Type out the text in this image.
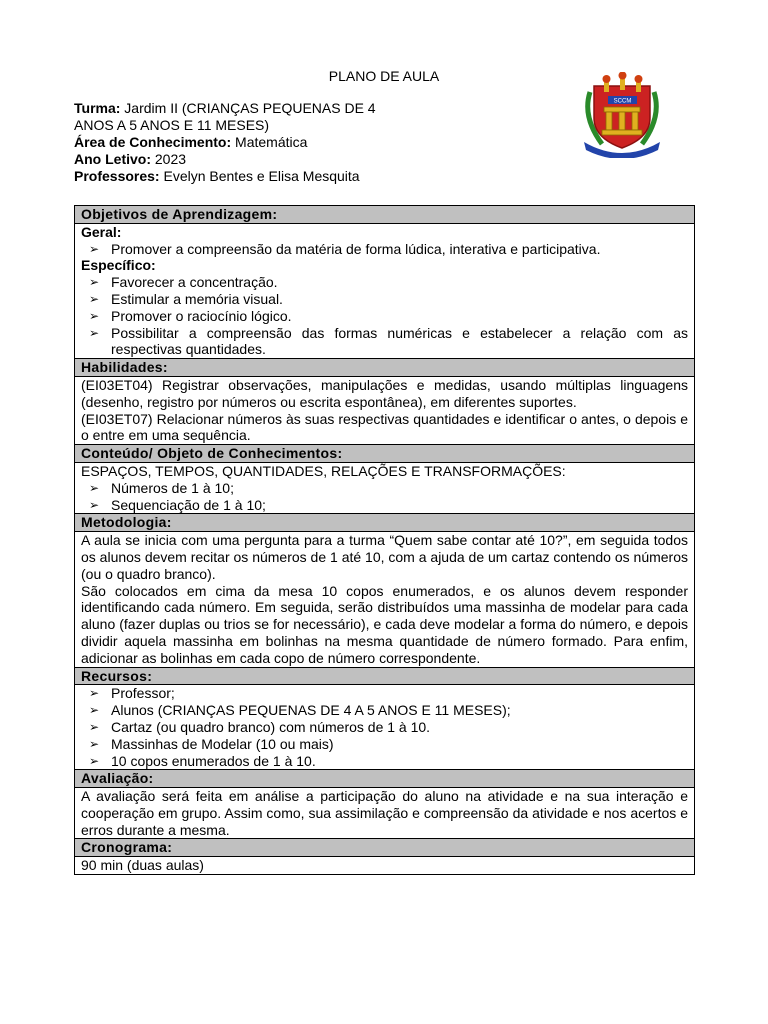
PLANO DE AULA
Turma: Jardim II (CRIANÇAS PEQUENAS DE 4
ANOS A 5 ANOS E 11 MESES)
Área de Conhecimento: Matemática
Ano Letivo: 2023
Professores: Evelyn Bentes e Elisa Mesquita
SCCM
Objetivos de Aprendizagem:

Geral:
➢ Promover a compreensão da matéria de forma lúdica, interativa e participativa.
Específico:
➢ Favorecer a concentração.
➢ Estimular a memória visual.
➢ Promover o raciocínio lógico.
➢ Possibilitar a compreensão das formas numéricas e estabelecer a relação com as respectivas quantidades.

Habilidades:

(EI03ET04) Registrar observações, manipulações e medidas, usando múltiplas linguagens (desenho, registro por números ou escrita espontânea), em diferentes suportes.

(EI03ET07) Relacionar números às suas respectivas quantidades e identificar o antes, o depois e o entre em uma sequência.

Conteúdo/ Objeto de Conhecimentos:

ESPAÇOS, TEMPOS, QUANTIDADES, RELAÇÕES E TRANSFORMAÇÕES:
➢ Números de 1 à 10;
➢ Sequenciação de 1 à 10;

Metodologia:

A aula se inicia com uma pergunta para a turma “Quem sabe contar até 10?”, em seguida todos os alunos devem recitar os números de 1 até 10, com a ajuda de um cartaz contendo os números (ou o quadro branco).

São colocados em cima da mesa 10 copos enumerados, e os alunos devem responder identificando cada número. Em seguida, serão distribuídos uma massinha de modelar para cada aluno (fazer duplas ou trios se for necessário), e cada deve modelar a forma do número, e depois dividir aquela massinha em bolinhas na mesma quantidade de número formado. Para enfim, adicionar as bolinhas em cada copo de número correspondente.

Recursos:

➢ Professor;
➢ Alunos (CRIANÇAS PEQUENAS DE 4 A 5 ANOS E 11 MESES);
➢ Cartaz (ou quadro branco) com números de 1 à 10.
➢ Massinhas de Modelar (10 ou mais)
➢ 10 copos enumerados de 1 à 10.

Avaliação:

A avaliação será feita em análise a participação do aluno na atividade e na sua interação e cooperação em grupo. Assim como, sua assimilação e compreensão da atividade e nos acertos e erros durante a mesma.

Cronograma:

90 min (duas aulas)
